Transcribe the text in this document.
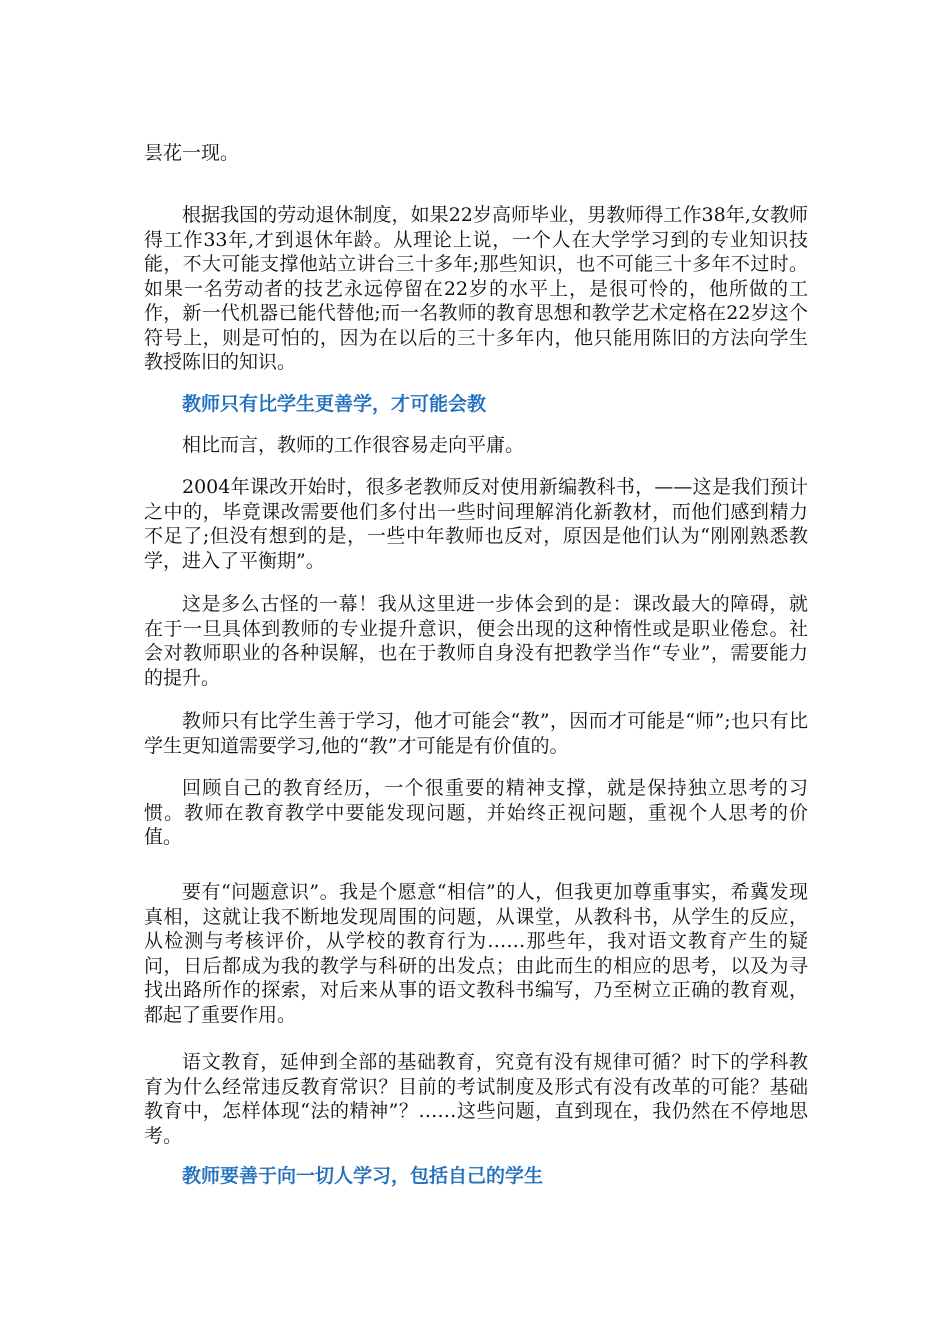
昙花一现。

根据我国的劳动退休制度，如果22岁高师毕业，男教师得工作38年,女教师得工作33年,才到退休年龄。从理论上说，一个人在大学学习到的专业知识技能，不大可能支撑他站立讲台三十多年;那些知识，也不可能三十多年不过时。如果一名劳动者的技艺永远停留在22岁的水平上，是很可怜的，他所做的工作，新一代机器已能代替他;而一名教师的教育思想和教学艺术定格在22岁这个符号上，则是可怕的，因为在以后的三十多年内，他只能用陈旧的方法向学生教授陈旧的知识。

教师只有比学生更善学，才可能会教

相比而言，教师的工作很容易走向平庸。

2004年课改开始时，很多老教师反对使用新编教科书，——这是我们预计之中的，毕竟课改需要他们多付出一些时间理解消化新教材，而他们感到精力不足了;但没有想到的是，一些中年教师也反对，原因是他们认为“刚刚熟悉教学，进入了平衡期”。

这是多么古怪的一幕！我从这里进一步体会到的是：课改最大的障碍，就在于一旦具体到教师的专业提升意识，便会出现的这种惰性或是职业倦怠。社会对教师职业的各种误解，也在于教师自身没有把教学当作“专业”，需要能力的提升。

教师只有比学生善于学习，他才可能会“教”，因而才可能是“师”;也只有比学生更知道需要学习,他的“教”才可能是有价值的。

回顾自己的教育经历，一个很重要的精神支撑，就是保持独立思考的习惯。教师在教育教学中要能发现问题，并始终正视问题，重视个人思考的价值。

要有“问题意识”。我是个愿意“相信”的人，但我更加尊重事实，希冀发现真相，这就让我不断地发现周围的问题，从课堂，从教科书，从学生的反应，从检测与考核评价，从学校的教育行为……那些年，我对语文教育产生的疑问，日后都成为我的教学与科研的出发点；由此而生的相应的思考，以及为寻找出路所作的探索，对后来从事的语文教科书编写，乃至树立正确的教育观，都起了重要作用。

语文教育，延伸到全部的基础教育，究竟有没有规律可循？时下的学科教育为什么经常违反教育常识？目前的考试制度及形式有没有改革的可能？基础教育中，怎样体现“法的精神”？……这些问题，直到现在，我仍然在不停地思考。

教师要善于向一切人学习，包括自己的学生
